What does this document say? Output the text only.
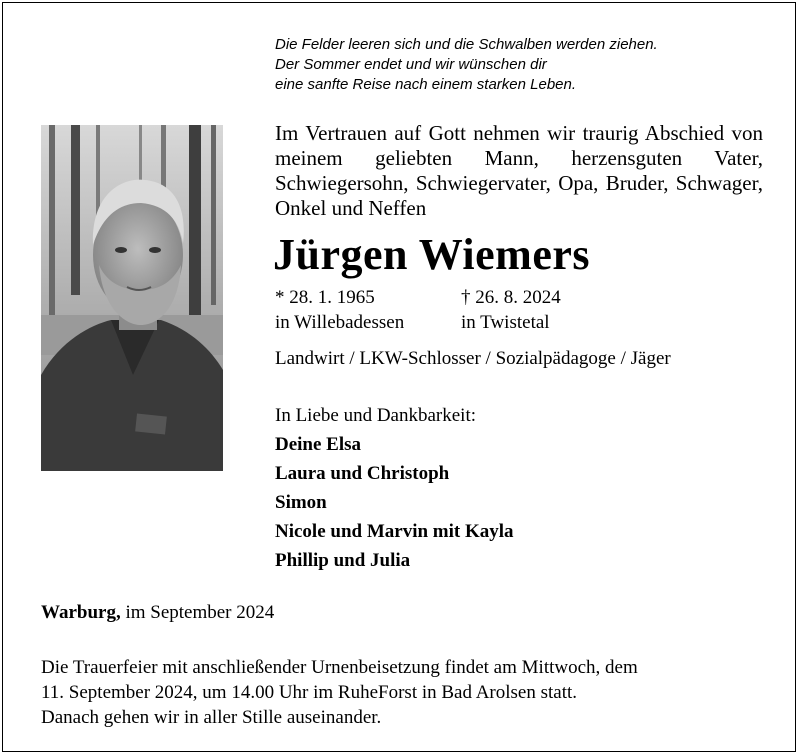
Die Felder leeren sich und die Schwalben werden ziehen.
Der Sommer endet und wir wünschen dir
eine sanfte Reise nach einem starken Leben.
Im Vertrauen auf Gott nehmen wir traurig Abschied von meinem geliebten Mann, herzensguten Vater, Schwiegersohn, Schwiegervater, Opa, Bruder, Schwager, Onkel und Neffen
Jürgen Wiemers
* 28. 1. 1965
in Willebadessen
† 26. 8. 2024
in Twistetal
Landwirt / LKW-Schlosser / Sozialpädagoge / Jäger
In Liebe und Dankbarkeit:
Deine Elsa
Laura und Christoph
Simon
Nicole und Marvin mit Kayla
Phillip und Julia
Warburg, im September 2024
Die Trauerfeier mit anschließender Urnenbeisetzung findet am Mittwoch, dem
11. September 2024, um 14.00 Uhr im RuheForst in Bad Arolsen statt.
Danach gehen wir in aller Stille auseinander.
